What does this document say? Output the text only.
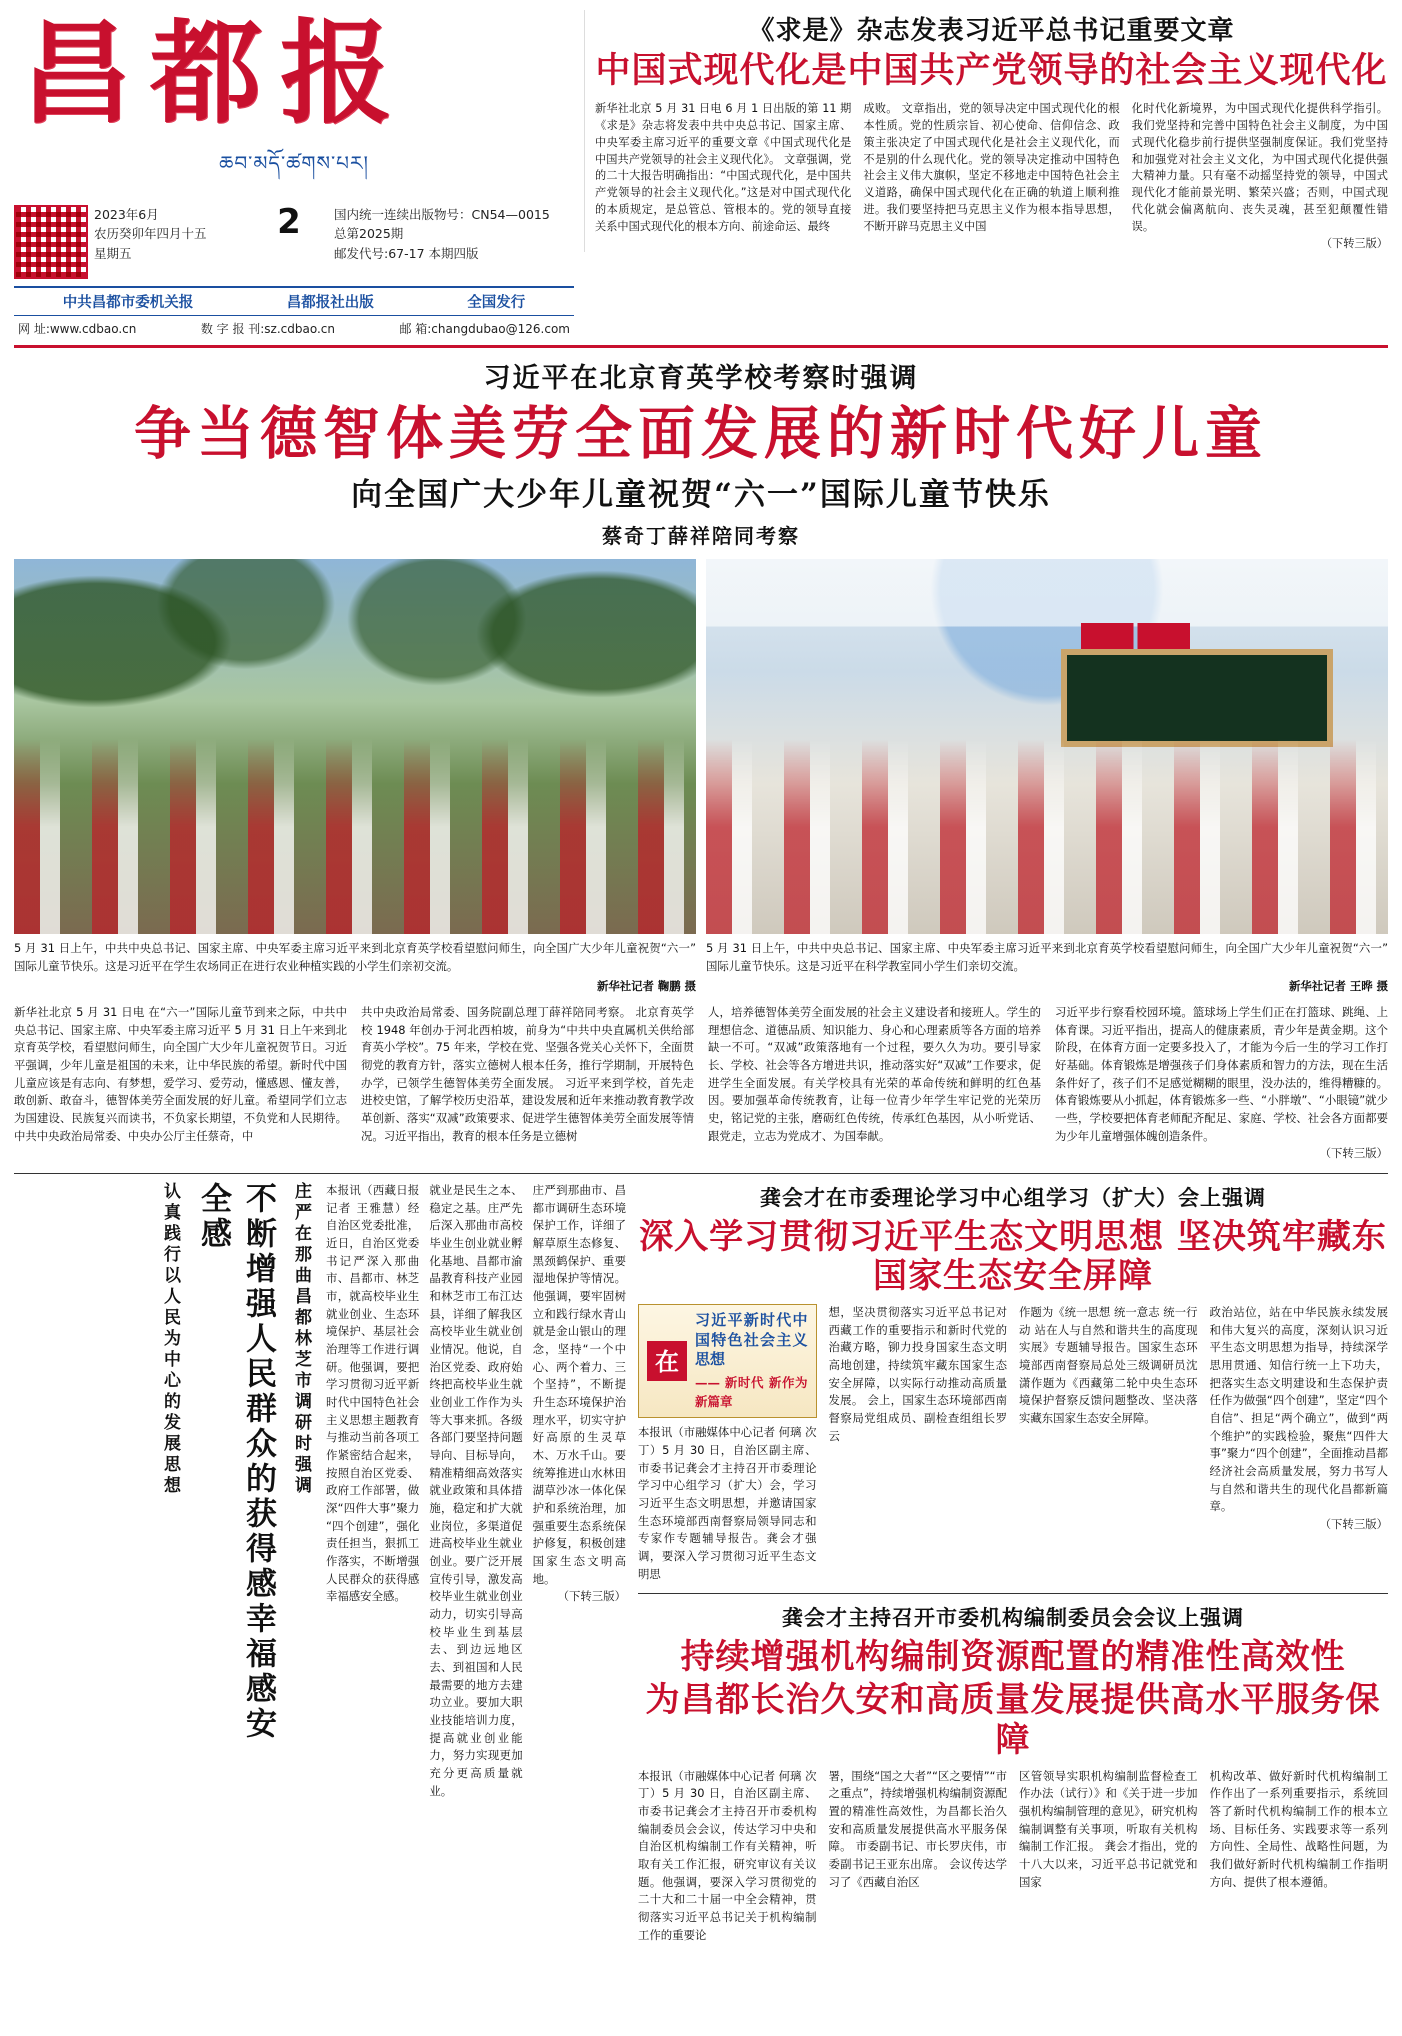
昌都报
ཆབ་མདོ་ཚགས་པར།
2023年6月
农历癸卯年四月十五
星期五
2	国内统一连续出版物号：CN54—0015
总第2025期
邮发代号:67-17 本期四版
中共昌都市委机关报	昌都报社出版	全国发行
网 址:www.cdbao.cn	数 字 报 刊:sz.cdbao.cn	邮 箱:changdubao@126.com
《求是》杂志发表习近平总书记重要文章
中国式现代化是中国共产党领导的社会主义现代化
新华社北京 5 月 31 日电 6 月 1 日出版的第 11 期《求是》杂志将发表中共中央总书记、国家主席、中央军委主席习近平的重要文章《中国式现代化是中国共产党领导的社会主义现代化》。 文章强调，党的二十大报告明确指出：“中国式现代化，是中国共产党领导的社会主义现代化。”这是对中国式现代化的本质规定，是总管总、管根本的。党的领导直接关系中国式现代化的根本方向、前途命运、最终
成败。 文章指出，党的领导决定中国式现代化的根本性质。党的性质宗旨、初心使命、信仰信念、政策主张决定了中国式现代化是社会主义现代化，而不是别的什么现代化。党的领导决定推动中国特色社会主义伟大旗帜，坚定不移地走中国特色社会主义道路，确保中国式现代化在正确的轨道上顺利推进。我们要坚持把马克思主义作为根本指导思想，不断开辟马克思主义中国
化时代化新境界，为中国式现代化提供科学指引。我们党坚持和完善中国特色社会主义制度，为中国式现代化稳步前行提供坚强制度保证。我们党坚持和加强党对社会主义文化，为中国式现代化提供强大精神力量。只有毫不动摇坚持党的领导，中国式现代化才能前景光明、繁荣兴盛；否则，中国式现代化就会偏离航向、丧失灵魂，甚至犯颠覆性错误。
（下转三版）
习近平在北京育英学校考察时强调
争当德智体美劳全面发展的新时代好儿童
向全国广大少年儿童祝贺“六一”国际儿童节快乐
蔡奇丁薛祥陪同考察
5 月 31 日上午，中共中央总书记、国家主席、中央军委主席习近平来到北京育英学校看望慰问师生，向全国广大少年儿童祝贺“六一”国际儿童节快乐。这是习近平在学生农场同正在进行农业种植实践的小学生们亲初交流。
新华社记者 鞠鹏 摄
5 月 31 日上午，中共中央总书记、国家主席、中央军委主席习近平来到北京育英学校看望慰问师生，向全国广大少年儿童祝贺“六一”国际儿童节快乐。这是习近平在科学教室同小学生们亲切交流。
新华社记者 王晔 摄
新华社北京 5 月 31 日电 在“六一”国际儿童节到来之际，中共中央总书记、国家主席、中央军委主席习近平 5 月 31 日上午来到北京育英学校，看望慰问师生，向全国广大少年儿童祝贺节日。习近平强调，少年儿童是祖国的未来，让中华民族的希望。新时代中国儿童应该是有志向、有梦想，爱学习、爱劳动，懂感恩、懂友善，敢创新、敢奋斗，德智体美劳全面发展的好儿童。希望同学们立志为国建设、民族复兴而读书，不负家长期望，不负党和人民期待。 中共中央政治局常委、中央办公厅主任蔡奇，中
共中央政治局常委、国务院副总理丁薛祥陪同考察。 北京育英学校 1948 年创办于河北西柏坡，前身为“中共中央直属机关供给部育英小学校”。75 年来，学校在党、坚强各党关心关怀下，全面贯彻党的教育方针，落实立德树人根本任务，推行学期制，开展特色办学，已领学生德智体美劳全面发展。 习近平来到学校，首先走进校史馆，了解学校历史沿革，建设发展和近年来推动教育教学改革创新、落实“双减”政策要求、促进学生德智体美劳全面发展等情况。习近平指出，教育的根本任务是立德树
人，培养德智体美劳全面发展的社会主义建设者和接班人。学生的理想信念、道德品质、知识能力、身心和心理素质等各方面的培养缺一不可。“双减”政策落地有一个过程，要久久为功。要引导家长、学校、社会等各方增进共识，推动落实好“双减”工作要求，促进学生全面发展。有关学校具有光荣的革命传统和鲜明的红色基因。要加强革命传统教育，让每一位青少年学生牢记党的光荣历史，铭记党的主张，磨砺红色传统，传承红色基因，从小听党话、跟党走，立志为党成才、为国奉献。
习近平步行察看校园环境。篮球场上学生们正在打篮球、跳绳、上体育课。习近平指出，提高人的健康素质，青少年是黄金期。这个阶段，在体育方面一定要多投入了，才能为今后一生的学习工作打好基础。体育锻炼是增强孩子们身体素质和智力的方法，现在生活条件好了，孩子们不足感觉糊糊的眼里，没办法的，维得糟糠的。体育锻炼要从小抓起，体育锻炼多一些、“小胖墩”、“小眼镜”就少一些，学校要把体育老师配齐配足、家庭、学校、社会各方面都要为少年儿童增强体魄创造条件。
（下转三版）
庄严在那曲昌都林芝市调研时强调
不断增强人民群众的获得感幸福感安全感
认真践行以人民为中心的发展思想	本报讯（西藏日报记者 王雅慧）经自治区党委批准，近日，自治区党委书记严深入那曲市、昌都市、林芝市，就高校毕业生就业创业、生态环境保护、基层社会治理等工作进行调研。他强调，要把学习贯彻习近平新时代中国特色社会主义思想主题教育与推动当前各项工作紧密结合起来，按照自治区党委、政府工作部署，做深“四件大事”聚力“四个创建”，强化责任担当，狠抓工作落实，不断增强人民群众的获得感幸福感安全感。
就业是民生之本、稳定之基。庄严先后深入那曲市高校毕业生创业就业孵化基地、昌都市渝晶教育科技产业园和林芝市工布江达县，详细了解我区高校毕业生就业创业情况。他说，自治区党委、政府始终把高校毕业生就业创业工作作为头等大事来抓。各级各部门要坚持问题导向、目标导向，精准精细高效落实就业政策和具体措施，稳定和扩大就业岗位，多渠道促进高校毕业生就业创业。要广泛开展宣传引导，激发高校毕业生就业创业动力，切实引导高校毕业生到基层去、到边远地区去、到祖国和人民最需要的地方去建功立业。要加大职业技能培训力度，提高就业创业能力，努力实现更加充分更高质量就业。
庄严到那曲市、昌都市调研生态环境保护工作，详细了解草原生态修复、黑颈鹤保护、重要湿地保护等情况。他强调，要牢固树立和践行绿水青山就是金山银山的理念，坚持“一个中心、两个着力、三个坚持”，不断提升生态环境保护治理水平，切实守护好高原的生灵草木、万水千山。要统筹推进山水林田湖草沙冰一体化保护和系统治理，加强重要生态系统保护修复，积极创建国家生态文明高地。
（下转三版）
龚会才在市委理论学习中心组学习（扩大）会上强调
深入学习贯彻习近平生态文明思想 坚决筑牢藏东国家生态安全屏障
在
习近平新时代中国特色社会主义思想
—— 新时代 新作为 新篇章
本报讯（市融媒体中心记者 何璃 次丁）5 月 30 日，自治区副主席、市委书记龚会才主持召开市委理论学习中心组学习（扩大）会，学习习近平生态文明思想，并邀请国家生态环境部西南督察局领导同志和专家作专题辅导报告。龚会才强调，要深入学习贯彻习近平生态文明思
想，坚决贯彻落实习近平总书记对西藏工作的重要指示和新时代党的治藏方略，铆力投身国家生态文明高地创建，持续筑牢藏东国家生态安全屏障，以实际行动推动高质量发展。 会上，国家生态环境部西南督察局党组成员、副检查组组长罗云
作题为《统一思想 统一意志 统一行动 站在人与自然和谐共生的高度现实展》专题辅导报告。国家生态环境部西南督察局总处三级调研员沈潇作题为《西藏第二轮中央生态环境保护督察反馈问题整改、坚决落实藏东国家生态安全屏障。
政治站位，站在中华民族永续发展和伟大复兴的高度，深刻认识习近平生态文明思想为指导，持续深学思用贯通、知信行统一上下功夫，把落实生态文明建设和生态保护责任作为做强“四个创建”，坚定“四个自信”、担足“两个确立”，做到“两个维护”的实践检验，聚焦“四件大事”聚力“四个创建”，全面推动昌都经济社会高质量发展，努力书写人与自然和谐共生的现代化昌都新篇章。
（下转三版）
龚会才主持召开市委机构编制委员会会议上强调
持续增强机构编制资源配置的精准性高效性
为昌都长治久安和高质量发展提供高水平服务保障
本报讯（市融媒体中心记者 何璃 次丁）5 月 30 日，自治区副主席、市委书记龚会才主持召开市委机构编制委员会会议，传达学习中央和自治区机构编制工作有关精神，听取有关工作汇报，研究审议有关议题。他强调，要深入学习贯彻党的二十大和二十届一中全会精神，贯彻落实习近平总书记关于机构编制工作的重要论
署，围绕“国之大者”“区之要情”“市之重点”，持续增强机构编制资源配置的精准性高效性，为昌都长治久安和高质量发展提供高水平服务保障。 市委副书记、市长罗庆伟，市委副书记王亚东出席。 会议传达学习了《西藏自治区
区管领导实职机构编制监督检查工作办法（试行）》和《关于进一步加强机构编制管理的意见》，研究机构编制调整有关事项，听取有关机构编制工作汇报。 龚会才指出，党的十八大以来，习近平总书记就党和国家
机构改革、做好新时代机构编制工作作出了一系列重要指示，系统回答了新时代机构编制工作的根本立场、目标任务、实践要求等一系列方向性、全局性、战略性问题，为我们做好新时代机构编制工作指明方向、提供了根本遵循。
